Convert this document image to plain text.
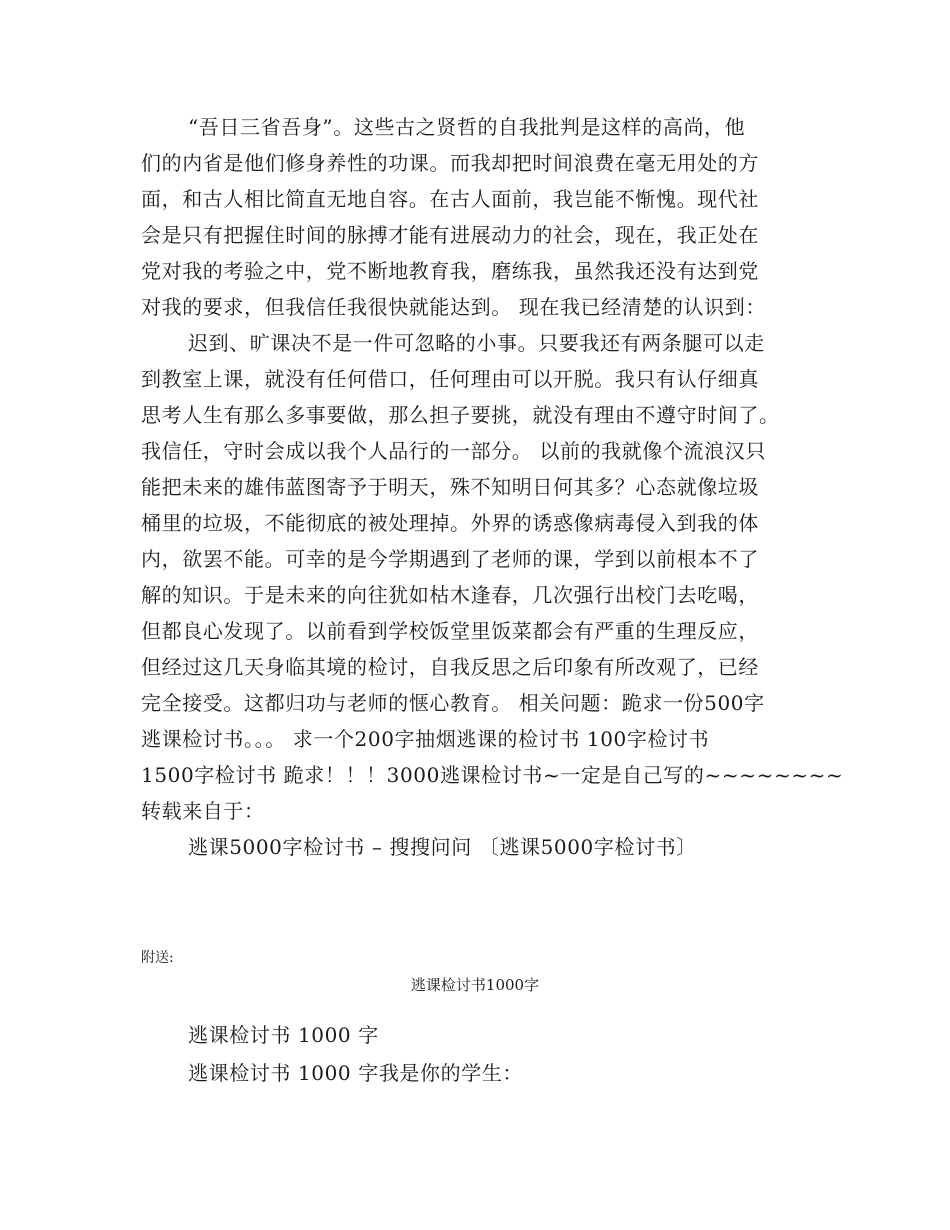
“吾日三省吾身”。这些古之贤哲的自我批判是这样的高尚，他
们的内省是他们修身养性的功课。而我却把时间浪费在毫无用处的方
面，和古人相比简直无地自容。在古人面前，我岂能不惭愧。现代社
会是只有把握住时间的脉搏才能有进展动力的社会，现在，我正处在
党对我的考验之中，党不断地教育我，磨练我，虽然我还没有达到党
对我的要求，但我信任我很快就能达到。 现在我已经清楚的认识到：
迟到、旷课决不是一件可忽略的小事。只要我还有两条腿可以走
到教室上课，就没有任何借口，任何理由可以开脱。我只有认仔细真
思考人生有那么多事要做，那么担子要挑，就没有理由不遵守时间了。
我信任，守时会成以我个人品行的一部分。 以前的我就像个流浪汉只
能把未来的雄伟蓝图寄予于明天，殊不知明日何其多？心态就像垃圾
桶里的垃圾，不能彻底的被处理掉。外界的诱惑像病毒侵入到我的体
内，欲罢不能。可幸的是今学期遇到了老师的课，学到以前根本不了
解的知识。于是未来的向往犹如枯木逢春，几次强行出校门去吃喝，
但都良心发现了。以前看到学校饭堂里饭菜都会有严重的生理反应，
但经过这几天身临其境的检讨，自我反思之后印象有所改观了，已经
完全接受。这都归功与老师的惬心教育。 相关问题：跪求一份500字
逃课检讨书。。。 求一个200字抽烟逃课的检讨书 100字检讨书
1500字检讨书 跪求！！！3000逃课检讨书~一定是自己写的~~~~~~~~
转载来自于：
逃课5000字检讨书 – 搜搜问问 〔逃课5000字检讨书〕
附送:
逃课检讨书1000字
逃课检讨书 1000 字
逃课检讨书 1000 字我是你的学生：
